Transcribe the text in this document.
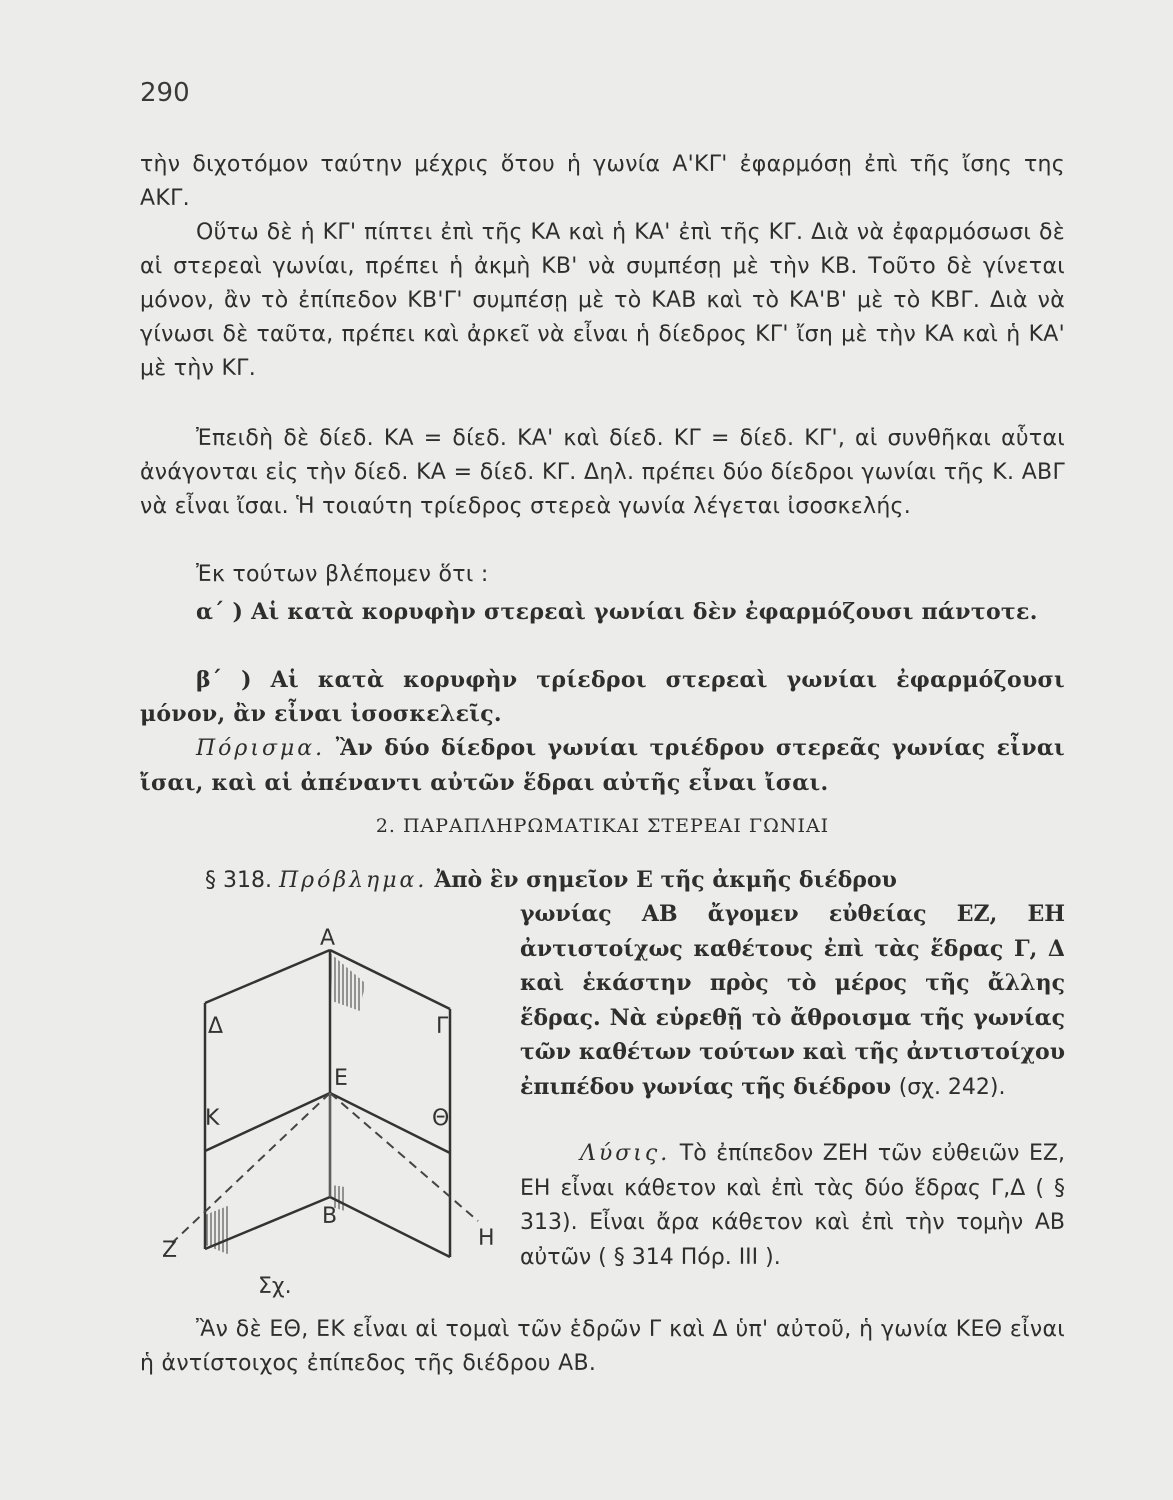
290

τὴν διχοτόμον ταύτην μέχρις ὅτου ἡ γωνία Α'ΚΓ' ἐφαρμόσῃ ἐπὶ τῆς ἴσης της ΑΚΓ.

Οὕτω δὲ ἡ ΚΓ' πίπτει ἐπὶ τῆς ΚΑ καὶ ἡ ΚΑ' ἐπὶ τῆς ΚΓ. Διὰ νὰ ἐφαρμόσωσι δὲ αἱ στερεαὶ γωνίαι, πρέπει ἡ ἀκμὴ ΚΒ' νὰ συμπέσῃ μὲ τὴν ΚΒ. Τοῦτο δὲ γίνεται μόνον, ἂν τὸ ἐπίπεδον ΚΒ'Γ' συμπέσῃ μὲ τὸ ΚΑΒ καὶ τὸ ΚΑ'Β' μὲ τὸ ΚΒΓ. Διὰ νὰ γίνωσι δὲ ταῦτα, πρέπει καὶ ἀρκεῖ νὰ εἶναι ἡ δίεδρος ΚΓ' ἴση μὲ τὴν ΚΑ καὶ ἡ ΚΑ' μὲ τὴν ΚΓ.

Ἐπειδὴ δὲ δίεδ. ΚΑ = δίεδ. ΚΑ' καὶ δίεδ. ΚΓ = δίεδ. ΚΓ', αἱ συνθῆκαι αὗται ἀνάγονται εἰς τὴν δίεδ. ΚΑ = δίεδ. ΚΓ. Δηλ. πρέπει δύο δίεδροι γωνίαι τῆς Κ. ΑΒΓ νὰ εἶναι ἴσαι. Ἡ τοιαύτη τρίεδρος στερεὰ γωνία λέγεται ἰσοσκελής.

Ἐκ τούτων βλέπομεν ὅτι :

α΄ ) Αἱ κατὰ κορυφὴν στερεαὶ γωνίαι δὲν ἐφαρμόζουσι πάντοτε.

β΄ ) Αἱ κατὰ κορυφὴν τρίεδροι στερεαὶ γωνίαι ἐφαρμόζουσι μόνον, ἂν εἶναι ἰσοσκελεῖς.

Πόρισμα. Ἂν δύο δίεδροι γωνίαι τριέδρου στερεᾶς γωνίας εἶναι ἴσαι, καὶ αἱ ἀπέναντι αὐτῶν ἕδραι αὐτῆς εἶναι ἴσαι.

2. ΠΑΡΑΠΛΗΡΩΜΑΤΙΚΑΙ ΣΤΕΡΕΑΙ ΓΩΝΙΑΙ
§ 318. Πρόβλημα. Ἀπὸ ἓν σημεῖον Ε τῆς ἀκμῆς διέδρου

γωνίας ΑΒ ἄγομεν εὐθείας ΕΖ, ΕΗ ἀντιστοίχως καθέτους ἐπὶ τὰς ἕδρας Γ, Δ καὶ ἑκάστην πρὸς τὸ μέρος τῆς ἄλλης ἕδρας. Νὰ εὑρεθῇ τὸ ἄθροισμα τῆς γωνίας τῶν καθέτων τούτων καὶ τῆς ἀντιστοίχου ἐπιπέδου γωνίας τῆς διέδρου (σχ. 242).

Λύσις. Τὸ ἐπίπεδον ΖΕΗ τῶν εὐθειῶν ΕΖ, ΕΗ εἶναι κάθετον καὶ ἐπὶ τὰς δύο ἕδρας Γ,Δ ( § 313). Εἶναι ἄρα κάθετον καὶ ἐπὶ τὴν τομὴν ΑΒ αὐτῶν ( § 314 Πόρ. ΙΙΙ ).

Ἂν δὲ ΕΘ, ΕΚ εἶναι αἱ τομαὶ τῶν ἑδρῶν Γ καὶ Δ ὑπ' αὐτοῦ, ἡ γωνία ΚΕΘ εἶναι ἡ ἀντίστοιχος ἐπίπεδος τῆς διέδρου ΑΒ.

Α
Β
Ε
Δ	Γ
Κ	Θ
Ζ	Η
Σχ.
